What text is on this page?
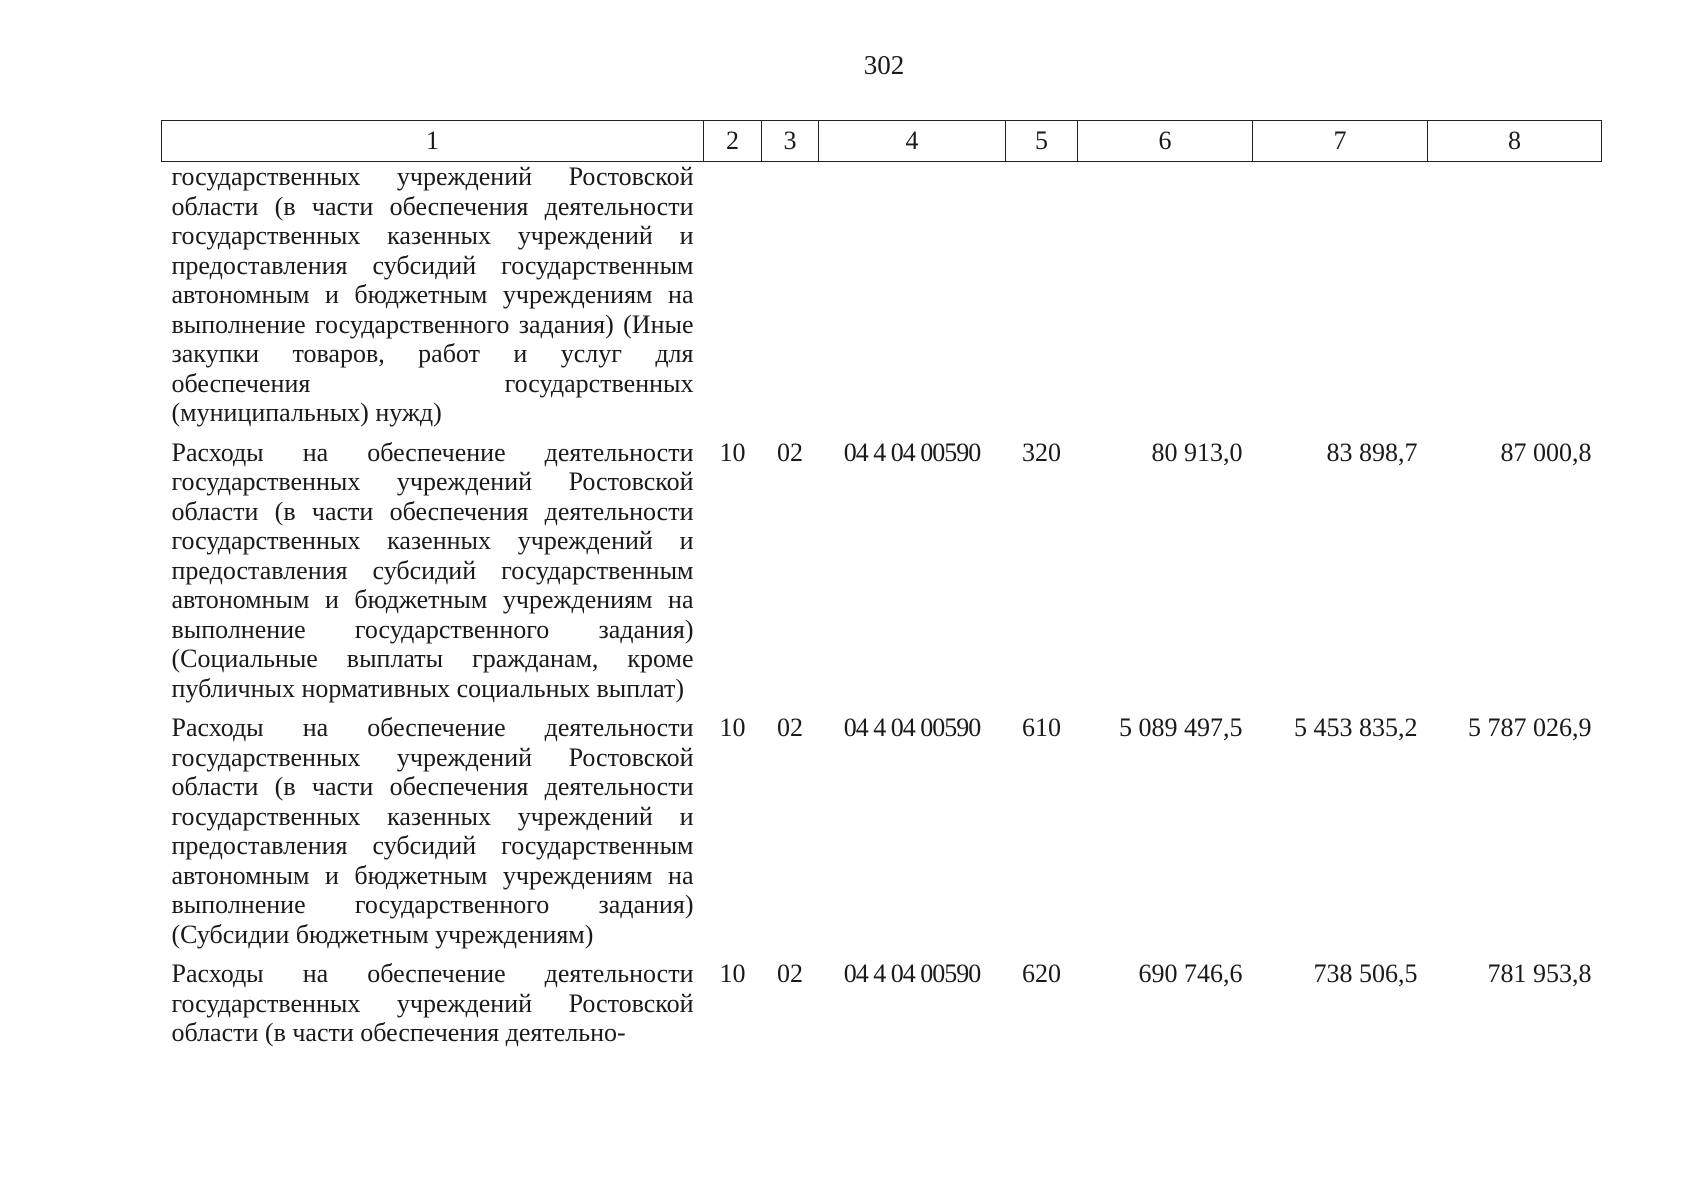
302
1	2	3	4	5	6	7	8
государственных учреждений Ростовской области (в части обеспечения деятельности государственных казенных учреждений и предоставления субсидий государственным автономным и бюджетным учреждениям на выполнение государственного задания) (Иные закупки товаров, работ и услуг для обеспечения государственных (муниципальных) нужд)							
Расходы на обеспечение деятельности государственных учреждений Ростовской области (в части обеспечения деятельности государственных казенных учреждений и предоставления субсидий государственным автономным и бюджетным учреждениям на выполнение государственного задания) (Социальные выплаты гражданам, кроме публичных нормативных социальных выплат)	10	02	04 4 04 00590	320	80 913,0	83 898,7	87 000,8
Расходы на обеспечение деятельности государственных учреждений Ростовской области (в части обеспечения деятельности государственных казенных учреждений и предоставления субсидий государственным автономным и бюджетным учреждениям на выполнение государственного задания) (Субсидии бюджетным учреждениям)	10	02	04 4 04 00590	610	5 089 497,5	5 453 835,2	5 787 026,9
Расходы на обеспечение деятельности государственных учреждений Ростовской области (в части обеспечения деятельно-	10	02	04 4 04 00590	620	690 746,6	738 506,5	781 953,8
